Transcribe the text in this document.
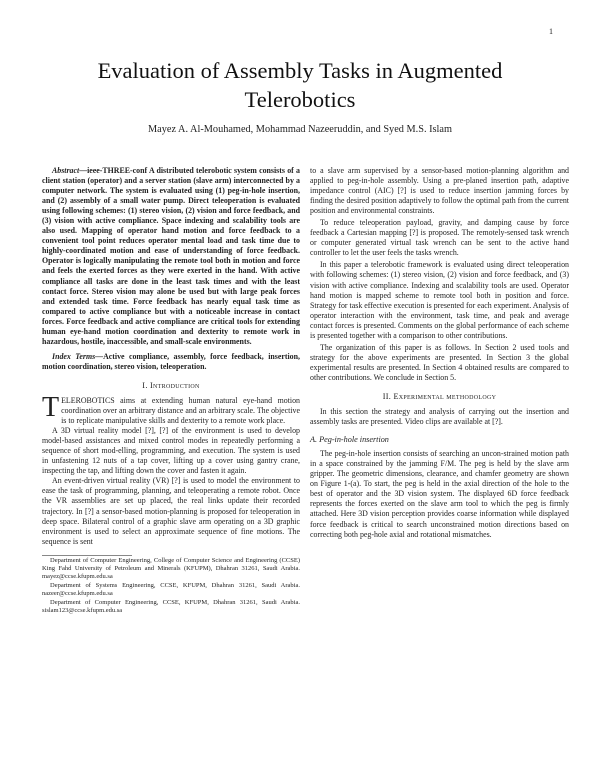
1
Evaluation of Assembly Tasks in Augmented Telerobotics
Mayez A. Al-Mouhamed, Mohammad Nazeeruddin, and Syed M.S. Islam

Abstract—ieee-THREE-conf A distributed telerobotic system consists of a client station (operator) and a server station (slave arm) interconnected by a computer network. The system is evaluated using (1) peg-in-hole insertion, and (2) assembly of a small water pump. Direct teleoperation is evaluated using following schemes: (1) stereo vision, (2) vision and force feedback, and (3) vision with active compliance. Space indexing and scalability tools are also used. Mapping of operator hand motion and force feedback to a convenient tool point reduces operator mental load and task time due to highly-coordinated motion and ease of understanding of force feedback. Operator is logically manipulating the remote tool both in motion and force and feels the exerted forces as they were exerted in the hand. With active compliance all tasks are done in the least task times and with the least contact force. Stereo vision may alone be used but with large peak forces and extended task time. Force feedback has nearly equal task time as compared to active compliance but with a noticeable increase in contact forces. Force feedback and active compliance are critical tools for extending human eye-hand motion coordination and dexterity to remote work in hazardous, hostile, inaccessible, and small-scale environments.

Index Terms—Active compliance, assembly, force feedback, insertion, motion coordination, stereo vision, teleoperation.

I. Introduction

TELEROBOTICS aims at extending human natural eye-hand motion coordination over an arbitrary distance and an arbitrary scale. The objective is to replicate manipulative skills and dexterity to a remote work place.

A 3D virtual reality model [?], [?] of the environment is used to develop model-based assistances and mixed control modes in repeatedly performing a sequence of short mod-elling, programming, and execution. The system is used in unfastening 12 nuts of a tap cover, lifting up a cover using gantry crane, inspecting the tap, and lifting down the cover and fasten it again.

An event-driven virtual reality (VR) [?] is used to model the environment to ease the task of programming, planning, and teleoperating a remote robot. Once the VR assemblies are set up placed, the real links update their recorded trajectory. In [?] a sensor-based motion-planning is proposed for teleoperation in deep space. Bilateral control of a graphic slave arm operating on a 3D graphic environment is used to select an approximate sequence of fine motions. The sequence is sent

Department of Computer Engineering, College of Computer Science and Engineering (CCSE) King Fahd University of Petroleum and Minerals (KFUPM), Dhahran 31261, Saudi Arabia. mayez@ccse.kfupm.edu.sa
Department of Systems Engineering, CCSE, KFUPM, Dhahran 31261, Saudi Arabia. nazeer@ccse.kfupm.edu.sa
Department of Computer Engineering, CCSE, KFUPM, Dhahran 31261, Saudi Arabia. sislam123@ccse.kfupm.edu.sa

to a slave arm supervised by a sensor-based motion-planning algorithm and applied to peg-in-hole assembly. Using a pre-planed insertion path, adaptive impedance control (AIC) [?] is used to reduce insertion jamming forces by finding the desired position adaptively to follow the optimal path from the current position and environmental constraints.

To reduce teleoperation payload, gravity, and damping cause by force feedback a Cartesian mapping [?] is proposed. The remotely-sensed task wrench or computer generated virtual task wrench can be sent to the active hand controller to let the user feels the tasks wrench.

In this paper a telerobotic framework is evaluated using direct teleoperation with following schemes: (1) stereo vision, (2) vision and force feedback, and (3) vision with active compliance. Indexing and scalability tools are used. Operator hand motion is mapped scheme to remote tool both in position and force. Strategy for task effective execution is presented for each experiment. Analysis of operator interaction with the environment, task time, and peak and average contact forces is presented. Comments on the global performance of each scheme is presented together with a comparison to other contributions.

The organization of this paper is as follows. In Section 2 used tools and strategy for the above experiments are presented. In Section 3 the global experimental results are presented. In Section 4 obtained results are compared to other contributions. We conclude in Section 5.

II. Experimental methodology

In this section the strategy and analysis of carrying out the insertion and assembly tasks are presented. Video clips are available at [?].

A. Peg-in-hole insertion

The peg-in-hole insertion consists of searching an uncon-strained motion path in a space constrained by the jamming F/M. The peg is held by the slave arm gripper. The geometric dimensions, clearance, and chamfer geometry are shown on Figure 1-(a). To start, the peg is held in the axial direction of the hole to the best of operator and the 3D vision system. The displayed 6D force feedback represents the forces exerted on the slave arm tool to which the peg is firmly attached. Here 3D vision perception provides coarse information while displayed force feedback is critical to search unconstrained motion directions based on correcting both peg-hole axial and rotational mismatches.
